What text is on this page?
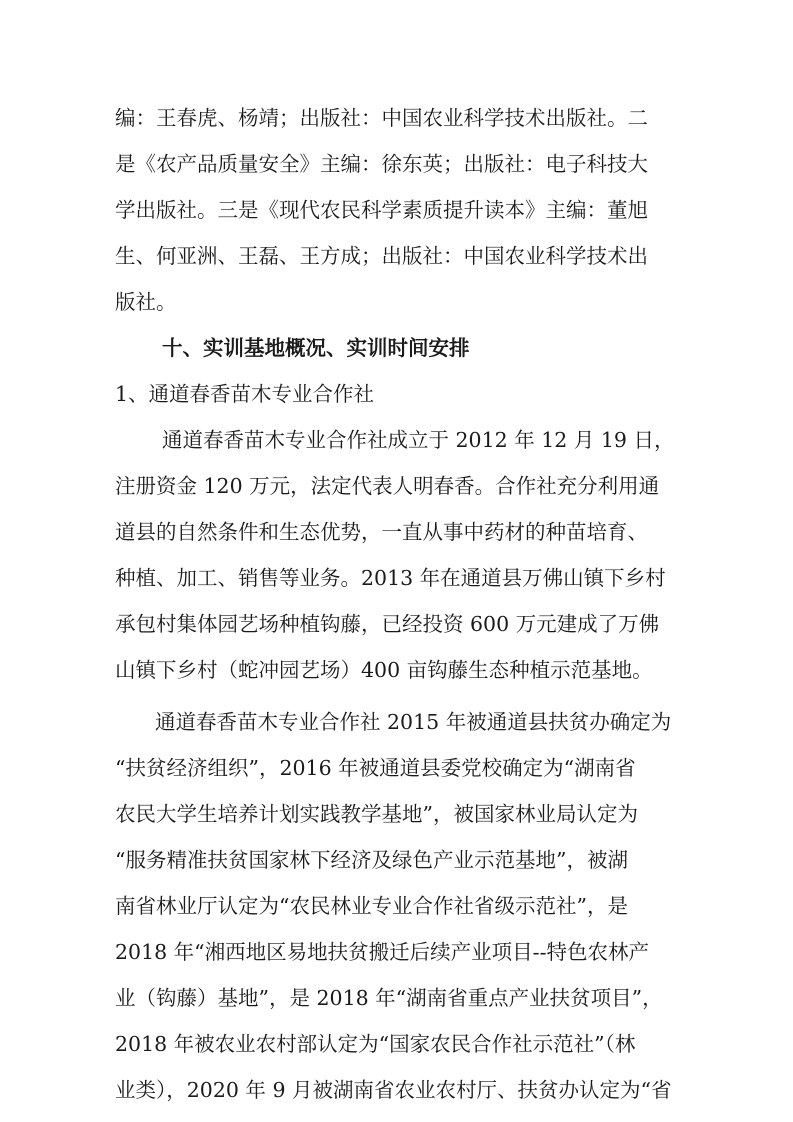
编：王春虎、杨靖；出版社：中国农业科学技术出版社。二
是《农产品质量安全》主编：徐东英；出版社：电子科技大
学出版社。三是《现代农民科学素质提升读本》主编：董旭
生、何亚洲、王磊、王方成；出版社：中国农业科学技术出
版社。
十、实训基地概况、实训时间安排
1、通道春香苗木专业合作社
通道春香苗木专业合作社成立于 2012 年 12 月 19 日，
注册资金 120 万元，法定代表人明春香。合作社充分利用通
道县的自然条件和生态优势，一直从事中药材的种苗培育、
种植、加工、销售等业务。2013 年在通道县万佛山镇下乡村
承包村集体园艺场种植钩藤，已经投资 600 万元建成了万佛
山镇下乡村（蛇冲园艺场）400 亩钩藤生态种植示范基地。
通道春香苗木专业合作社 2015 年被通道县扶贫办确定为
“扶贫经济组织”，2016 年被通道县委党校确定为“湖南省
农民大学生培养计划实践教学基地”，被国家林业局认定为
“服务精准扶贫国家林下经济及绿色产业示范基地”，被湖
南省林业厅认定为“农民林业专业合作社省级示范社”，是
2018 年“湘西地区易地扶贫搬迁后续产业项目--特色农林产
业（钩藤）基地”，是 2018 年“湖南省重点产业扶贫项目”，
2018 年被农业农村部认定为“国家农民合作社示范社”（林
业类），2020 年 9 月被湖南省农业农村厅、扶贫办认定为“省
